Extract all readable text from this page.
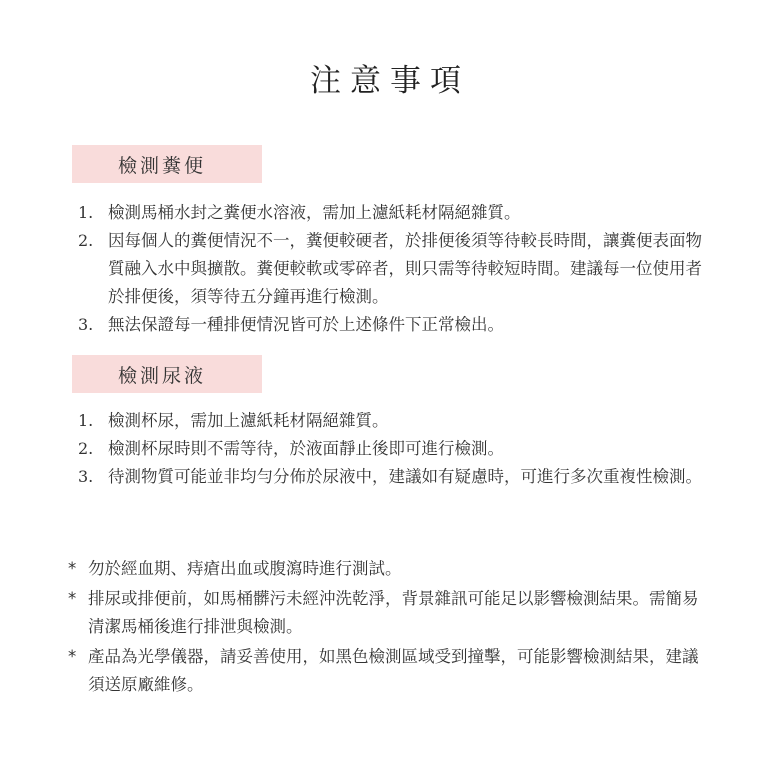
注意事項
檢測糞便
1. 檢測馬桶水封之糞便水溶液，需加上濾紙耗材隔絕雜質。
2. 因每個人的糞便情況不一，糞便較硬者，於排便後須等待較長時間，讓糞便表面物質融入水中與擴散。糞便較軟或零碎者，則只需等待較短時間。建議每一位使用者於排便後，須等待五分鐘再進行檢測。
3. 無法保證每一種排便情況皆可於上述條件下正常檢出。
檢測尿液
1. 檢測杯尿，需加上濾紙耗材隔絕雜質。
2. 檢測杯尿時則不需等待，於液面靜止後即可進行檢測。
3. 待測物質可能並非均勻分佈於尿液中，建議如有疑慮時，可進行多次重複性檢測。
* 勿於經血期、痔瘡出血或腹瀉時進行測試。
* 排尿或排便前，如馬桶髒污未經沖洗乾淨，背景雜訊可能足以影響檢測結果。需簡易清潔馬桶後進行排泄與檢測。
* 產品為光學儀器，請妥善使用，如黑色檢測區域受到撞擊，可能影響檢測結果，建議須送原廠維修。
